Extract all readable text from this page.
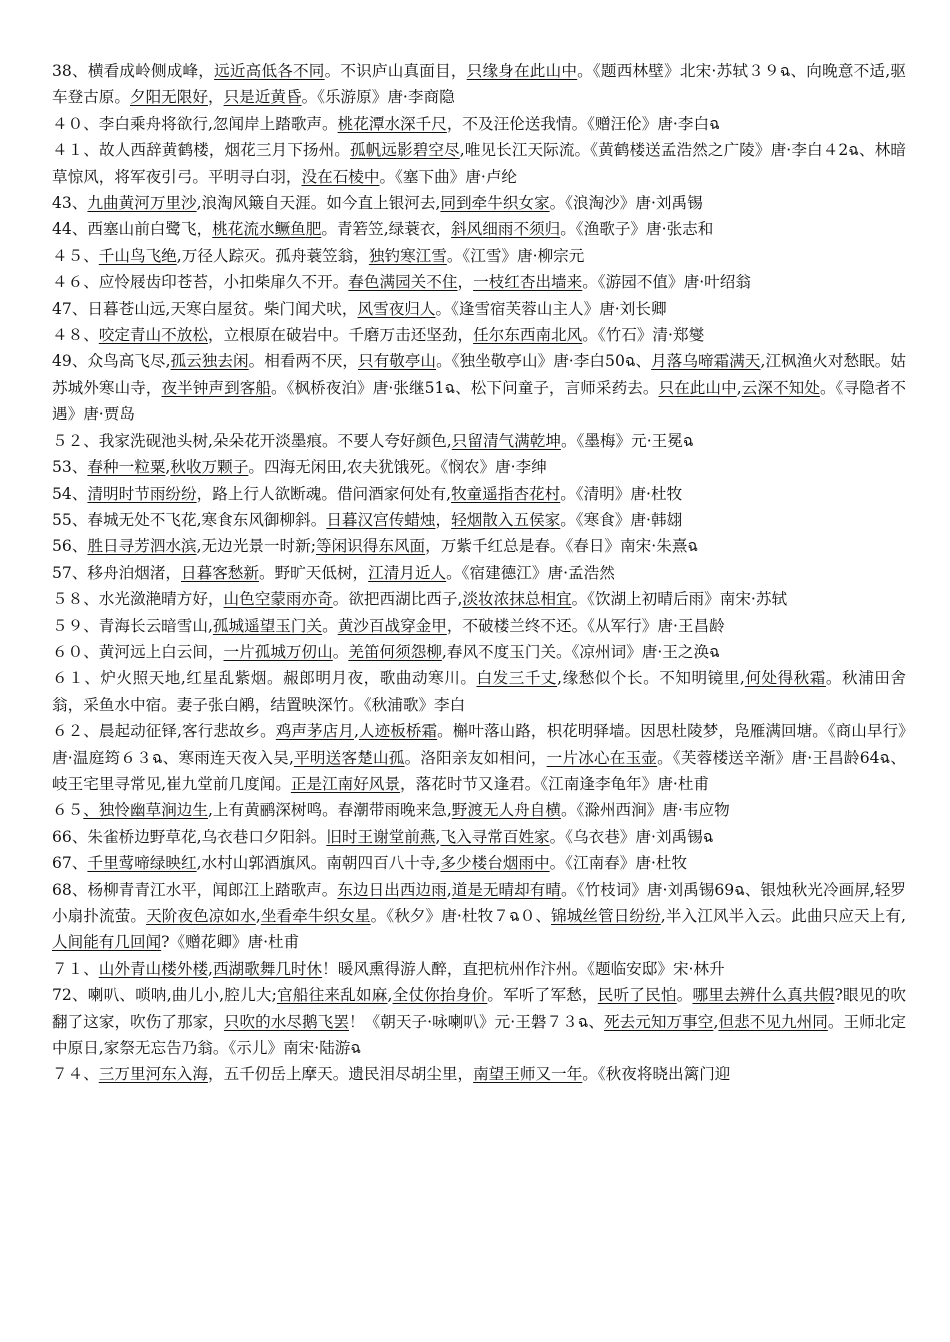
38、横看成岭侧成峰，远近高低各不同。不识庐山真面目，只缘身在此山中。《题西林壁》北宋·苏轼３９ฉ、向晚意不适,驱车登古原。夕阳无限好，只是近黄昏。《乐游原》唐·李商隐

４０、李白乘舟将欲行,忽闻岸上踏歌声。桃花潭水深千尺，不及汪伦送我情。《赠汪伦》唐·李白ฉ

４１、故人西辞黄鹤楼，烟花三月下扬州。孤帆远影碧空尽,唯见长江天际流。《黄鹤楼送孟浩然之广陵》唐·李白４2ฉ、林暗草惊风，将军夜引弓。平明寻白羽，没在石棱中。《塞下曲》唐·卢纶

43、九曲黄河万里沙,浪淘风簸自天涯。如今直上银河去,同到牵牛织女家。《浪淘沙》唐·刘禹锡

44、西塞山前白鹭飞，桃花流水鳜鱼肥。青箬笠,绿蓑衣，斜风细雨不须归。《渔歌子》唐·张志和

４５、千山鸟飞绝,万径人踪灭。孤舟蓑笠翁，独钓寒江雪。《江雪》唐·柳宗元

４６、应怜屐齿印苍苔，小扣柴扉久不开。春色满园关不住，一枝红杏出墙来。《游园不值》唐·叶绍翁

47、日暮苍山远,天寒白屋贫。柴门闻犬吠，风雪夜归人。《逢雪宿芙蓉山主人》唐·刘长卿

４８、咬定青山不放松，立根原在破岩中。千磨万击还坚劲，任尔东西南北风。《竹石》清·郑燮

49、众鸟高飞尽,孤云独去闲。相看两不厌，只有敬亭山。《独坐敬亭山》唐·李白50ฉ、月落乌啼霜满天,江枫渔火对愁眠。姑苏城外寒山寺，夜半钟声到客船。《枫桥夜泊》唐·张继51ฉ、松下问童子，言师采药去。只在此山中,云深不知处。《寻隐者不遇》唐·贾岛

５２、我家洗砚池头树,朵朵花开淡墨痕。不要人夸好颜色,只留清气满乾坤。《墨梅》元·王冕ฉ

53、春种一粒粟,秋收万颗子。四海无闲田,农夫犹饿死。《悯农》唐·李绅

54、清明时节雨纷纷，路上行人欲断魂。借问酒家何处有,牧童遥指杏花村。《清明》唐·杜牧

55、春城无处不飞花,寒食东风御柳斜。日暮汉宫传蜡烛，轻烟散入五侯家。《寒食》唐·韩翃

56、胜日寻芳泗水滨,无边光景一时新;等闲识得东风面，万紫千红总是春。《春日》南宋·朱熹ฉ

57、移舟泊烟渚，日暮客愁新。野旷天低树，江清月近人。《宿建德江》唐·孟浩然

５８、水光潋滟晴方好，山色空蒙雨亦奇。欲把西湖比西子,淡妆浓抹总相宜。《饮湖上初晴后雨》南宋·苏轼

５９、青海长云暗雪山,孤城遥望玉门关。黄沙百战穿金甲，不破楼兰终不还。《从军行》唐·王昌龄

６０、黄河远上白云间，一片孤城万仞山。羌笛何须怨柳,春风不度玉门关。《凉州词》唐·王之涣ฉ

６１、炉火照天地,红星乱紫烟。赧郎明月夜，歌曲动寒川。白发三千丈,缘愁似个长。不知明镜里,何处得秋霜。秋浦田舍翁，采鱼水中宿。妻子张白鹇，结置映深竹。《秋浦歌》李白

６２、晨起动征铎,客行悲故乡。鸡声茅店月,人迹板桥霜。槲叶落山路，枳花明驿墙。因思杜陵梦，凫雁满回塘。《商山早行》唐·温庭筠６３ฉ、寒雨连天夜入吴,平明送客楚山孤。洛阳亲友如相问，一片冰心在玉壶。《芙蓉楼送辛渐》唐·王昌龄64ฉ、岐王宅里寻常见,崔九堂前几度闻。正是江南好风景，落花时节又逢君。《江南逢李龟年》唐·杜甫

６５、独怜幽草涧边生,上有黄鹂深树鸣。春潮带雨晚来急,野渡无人舟自横。《滁州西涧》唐·韦应物

66、朱雀桥边野草花,乌衣巷口夕阳斜。旧时王谢堂前燕,飞入寻常百姓家。《乌衣巷》唐·刘禹锡ฉ

67、千里莺啼绿映红,水村山郭酒旗风。南朝四百八十寺,多少楼台烟雨中。《江南春》唐·杜牧

68、杨柳青青江水平，闻郎江上踏歌声。东边日出西边雨,道是无晴却有晴。《竹枝词》唐·刘禹锡69ฉ、银烛秋光冷画屏,轻罗小扇扑流萤。天阶夜色凉如水,坐看牵牛织女星。《秋夕》唐·杜牧７ฉ０、锦城丝管日纷纷,半入江风半入云。此曲只应天上有,人间能有几回闻?《赠花卿》唐·杜甫

７１、山外青山楼外楼,西湖歌舞几时休！暖风熏得游人醉，直把杭州作汴州。《题临安邸》宋·林升

72、喇叭、唢呐,曲儿小,腔儿大;官船往来乱如麻,全仗你抬身价。军听了军愁，民听了民怕。哪里去辨什么真共假?眼见的吹翻了这家，吹伤了那家，只吹的水尽鹅飞罢！《朝天子·咏喇叭》元·王磐７３ฉ、死去元知万事空,但悲不见九州同。王师北定中原日,家祭无忘告乃翁。《示儿》南宋·陆游ฉ

７４、三万里河东入海，五千仞岳上摩天。遗民泪尽胡尘里，南望王师又一年。《秋夜将晓出篱门迎
